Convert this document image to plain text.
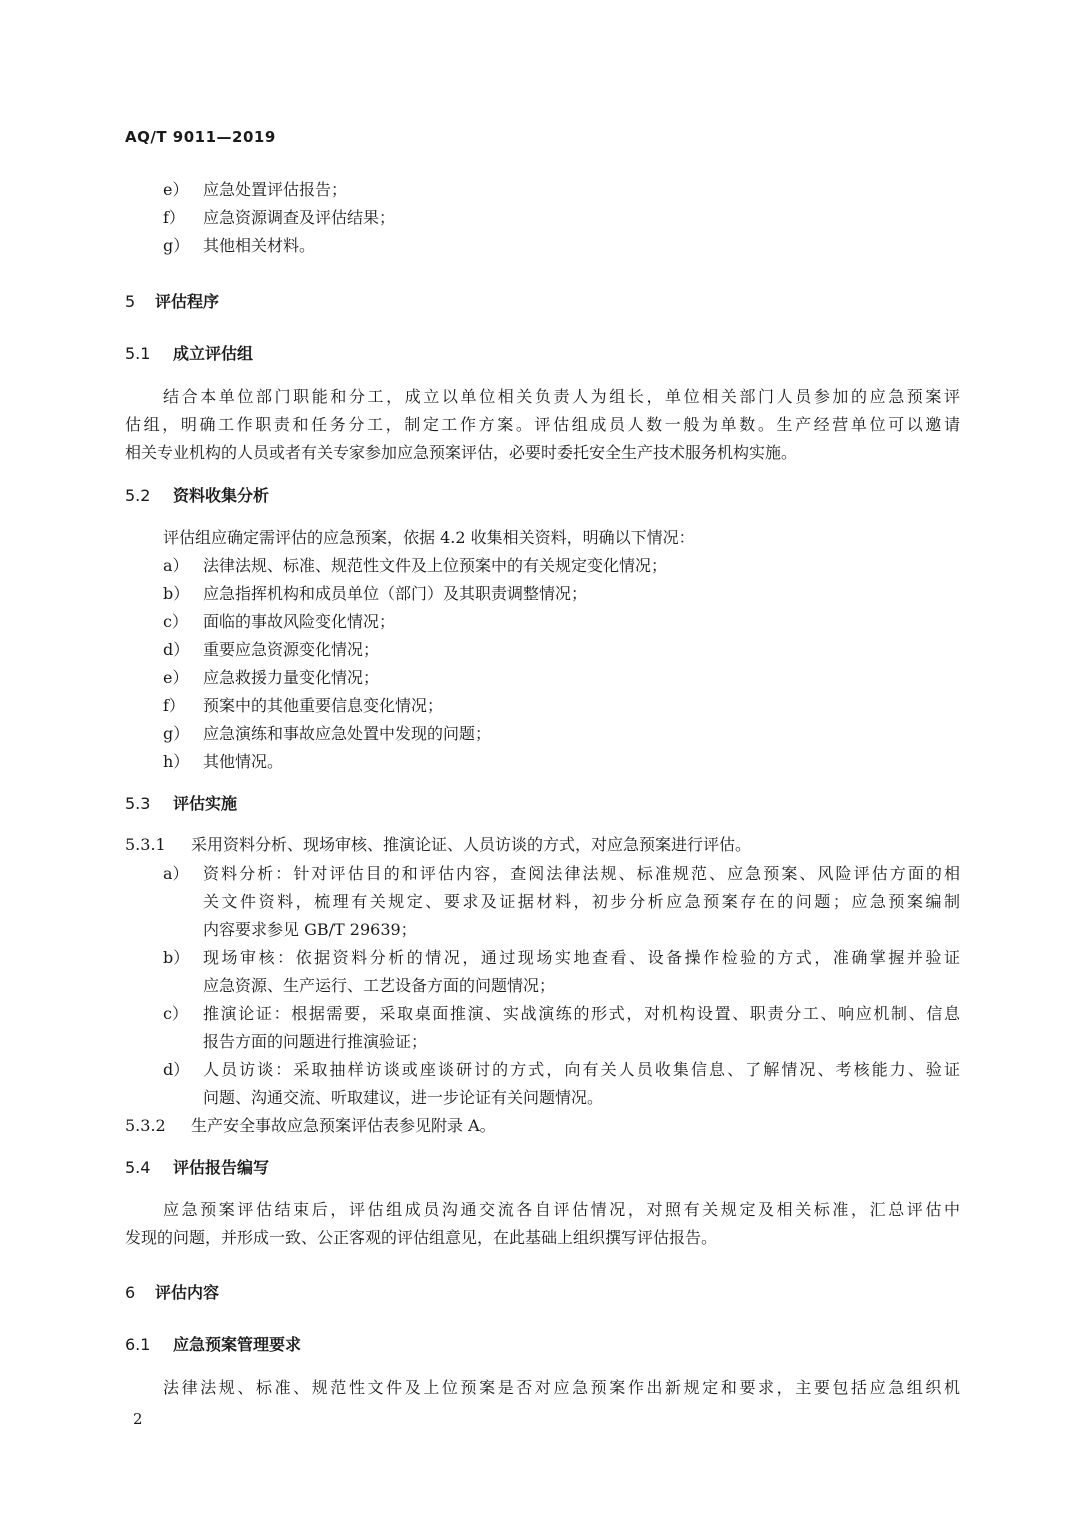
AQ/T 9011—2019
e） 应急处置评估报告；
f） 应急资源调查及评估结果；
g） 其他相关材料。
5 评估程序
5.1 成立评估组
结合本单位部门职能和分工，成立以单位相关负责人为组长，单位相关部门人员参加的应急预案评
估组，明确工作职责和任务分工，制定工作方案。评估组成员人数一般为单数。生产经营单位可以邀请
相关专业机构的人员或者有关专家参加应急预案评估，必要时委托安全生产技术服务机构实施。
5.2 资料收集分析
评估组应确定需评估的应急预案，依据 4.2 收集相关资料，明确以下情况：
a） 法律法规、标准、规范性文件及上位预案中的有关规定变化情况；
b） 应急指挥机构和成员单位（部门）及其职责调整情况；
c） 面临的事故风险变化情况；
d） 重要应急资源变化情况；
e） 应急救援力量变化情况；
f） 预案中的其他重要信息变化情况；
g） 应急演练和事故应急处置中发现的问题；
h） 其他情况。
5.3 评估实施
5.3.1 采用资料分析、现场审核、推演论证、人员访谈的方式，对应急预案进行评估。
a） 资料分析：针对评估目的和评估内容，查阅法律法规、标准规范、应急预案、风险评估方面的相
关文件资料，梳理有关规定、要求及证据材料，初步分析应急预案存在的问题；应急预案编制
内容要求参见 GB/T 29639；
b） 现场审核：依据资料分析的情况，通过现场实地查看、设备操作检验的方式，准确掌握并验证
应急资源、生产运行、工艺设备方面的问题情况；
c） 推演论证：根据需要，采取桌面推演、实战演练的形式，对机构设置、职责分工、响应机制、信息
报告方面的问题进行推演验证；
d） 人员访谈：采取抽样访谈或座谈研讨的方式，向有关人员收集信息、了解情况、考核能力、验证
问题、沟通交流、听取建议，进一步论证有关问题情况。
5.3.2 生产安全事故应急预案评估表参见附录 A。
5.4 评估报告编写
应急预案评估结束后，评估组成员沟通交流各自评估情况，对照有关规定及相关标准，汇总评估中
发现的问题，并形成一致、公正客观的评估组意见，在此基础上组织撰写评估报告。
6 评估内容
6.1 应急预案管理要求
法律法规、标准、规范性文件及上位预案是否对应急预案作出新规定和要求，主要包括应急组织机
2
